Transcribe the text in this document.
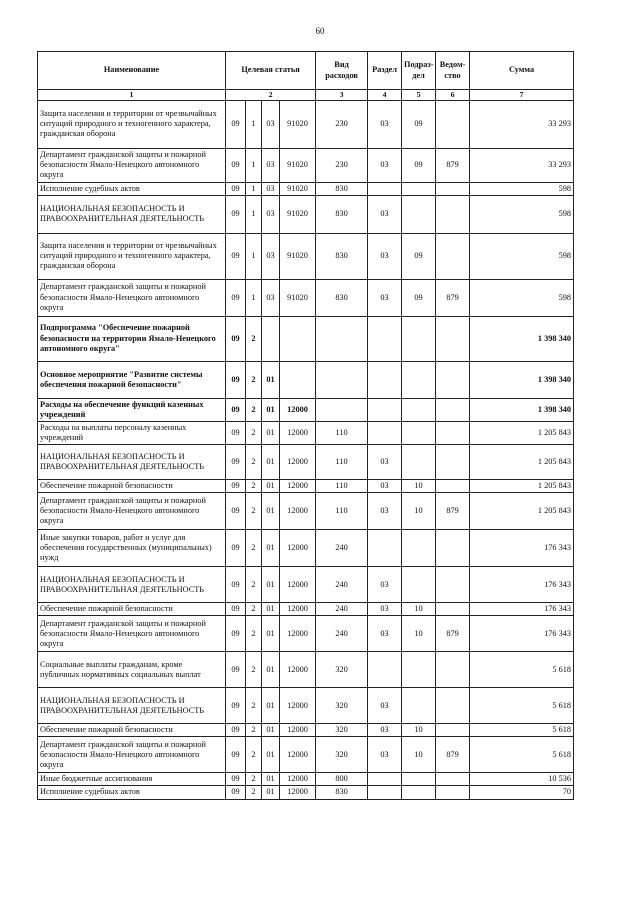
60
Наименование	Целевая статья				Вид расходов	Раздел	Подраз- дел	Ведом- ство	Сумма
1	2				3	4	5	6	7
Защита населения и территории от чрезвычайных ситуаций природного и техногенного характера, гражданская оборона	09	1	03	91020	230	03	09		33 293
Департамент гражданской защиты и пожарной безопасности Ямало-Ненецкого автономного округа	09	1	03	91020	230	03	09	879	33 293
Исполнение судебных актов	09	1	03	91020	830				598
НАЦИОНАЛЬНАЯ БЕЗОПАСНОСТЬ И ПРАВООХРАНИТЕЛЬНАЯ ДЕЯТЕЛЬНОСТЬ	09	1	03	91020	830	03			598
Защита населения и территории от чрезвычайных ситуаций природного и техногенного характера, гражданская оборона	09	1	03	91020	830	03	09		598
Департамент гражданской защиты и пожарной безопасности Ямало-Ненецкого автономного округа	09	1	03	91020	830	03	09	879	598
Подпрограмма "Обеспечение пожарной безопасности на территории Ямало-Ненецкого автономного округа"	09	2							1 398 340
Основное мероприятие "Развитие системы обеспечения пожарной безопасности"	09	2	01						1 398 340
Расходы на обеспечение функций казенных учреждений	09	2	01	12000					1 398 340
Расходы на выплаты персоналу казенных учреждений	09	2	01	12000	110				1 205 843
НАЦИОНАЛЬНАЯ БЕЗОПАСНОСТЬ И ПРАВООХРАНИТЕЛЬНАЯ ДЕЯТЕЛЬНОСТЬ	09	2	01	12000	110	03			1 205 843
Обеспечение пожарной безопасности	09	2	01	12000	110	03	10		1 205 843
Департамент гражданской защиты и пожарной безопасности Ямало-Ненецкого автономного округа	09	2	01	12000	110	03	10	879	1 205 843
Иные закупки товаров, работ и услуг для обеспечения государственных (муниципальных) нужд	09	2	01	12000	240				176 343
НАЦИОНАЛЬНАЯ БЕЗОПАСНОСТЬ И ПРАВООХРАНИТЕЛЬНАЯ ДЕЯТЕЛЬНОСТЬ	09	2	01	12000	240	03			176 343
Обеспечение пожарной безопасности	09	2	01	12000	240	03	10		176 343
Департамент гражданской защиты и пожарной безопасности Ямало-Ненецкого автономного округа	09	2	01	12000	240	03	10	879	176 343
Социальные выплаты гражданам, кроме публичных нормативных социальных выплат	09	2	01	12000	320				5 618
НАЦИОНАЛЬНАЯ БЕЗОПАСНОСТЬ И ПРАВООХРАНИТЕЛЬНАЯ ДЕЯТЕЛЬНОСТЬ	09	2	01	12000	320	03			5 618
Обеспечение пожарной безопасности	09	2	01	12000	320	03	10		5 618
Департамент гражданской защиты и пожарной безопасности Ямало-Ненецкого автономного округа	09	2	01	12000	320	03	10	879	5 618
Иные бюджетные ассигнования	09	2	01	12000	800				10 536
Исполнение судебных актов	09	2	01	12000	830				70
